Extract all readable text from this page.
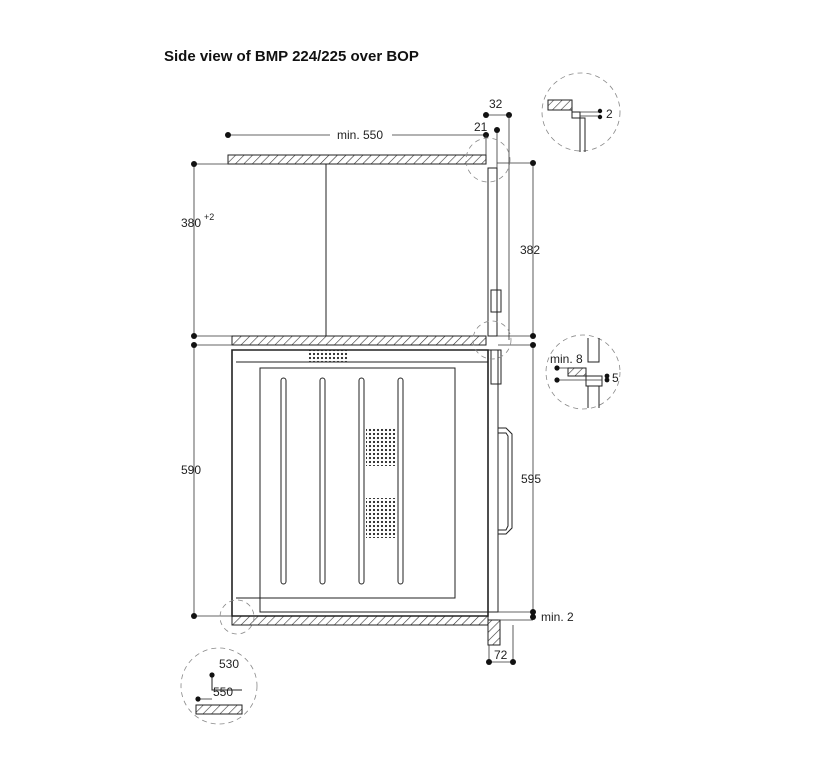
Side view of BMP 224/225 over BOP
min. 550
32
21
380 +2
382
590
595
min. 2
72
2
min. 8
5
530
550
